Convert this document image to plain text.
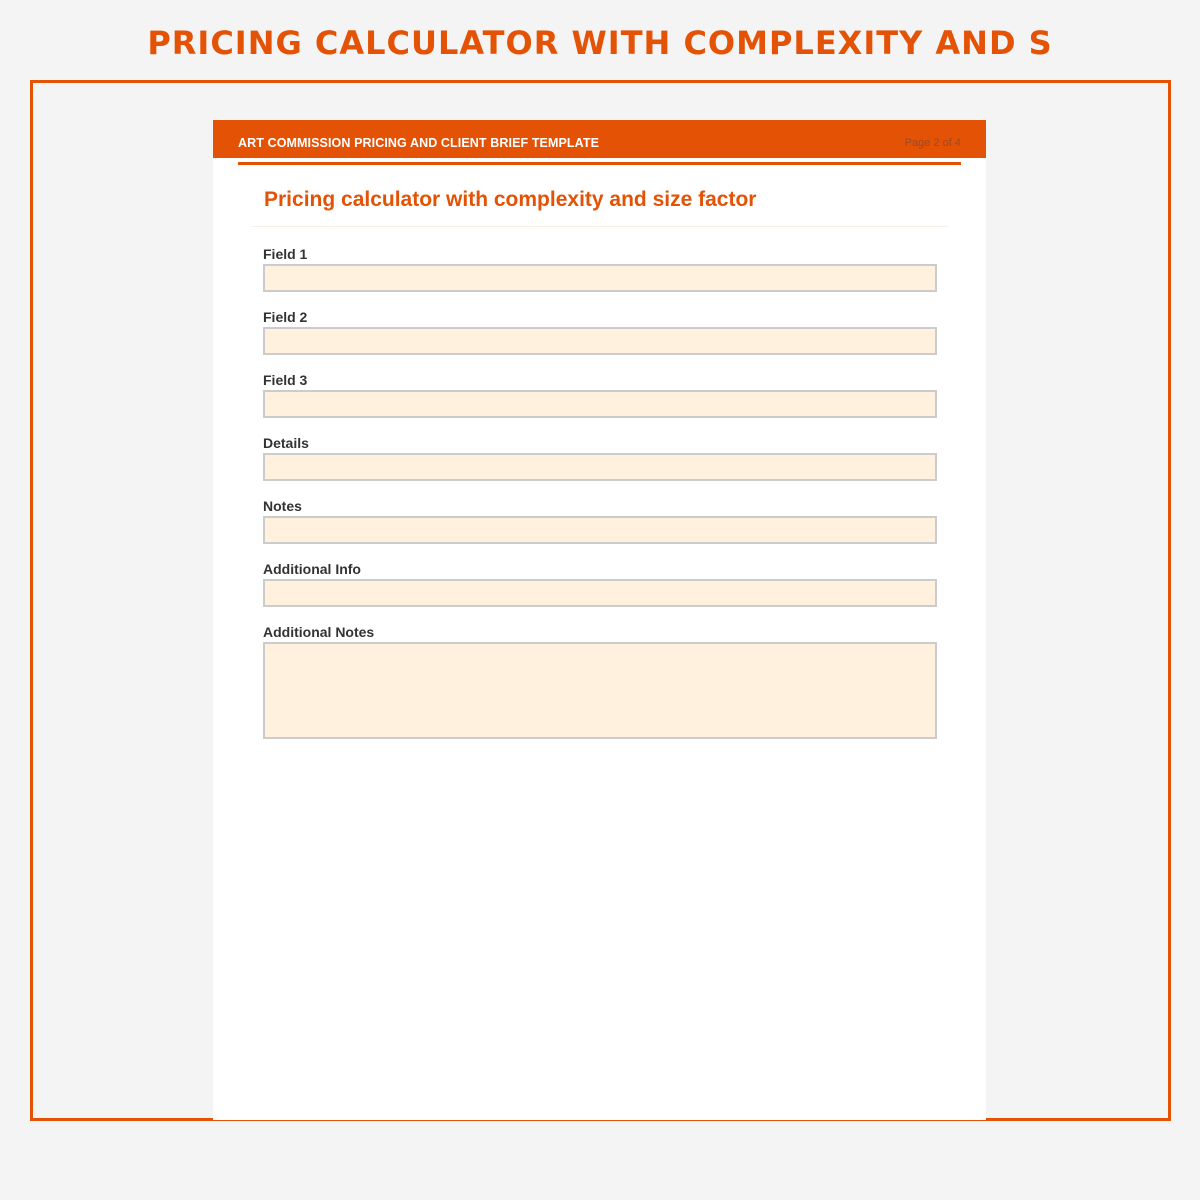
PRICING CALCULATOR WITH COMPLEXITY AND S
ART COMMISSION PRICING AND CLIENT BRIEF TEMPLATE	Page 2 of 4
Pricing calculator with complexity and size factor
Field 1
Field 2
Field 3
Details
Notes
Additional Info
Additional Notes
